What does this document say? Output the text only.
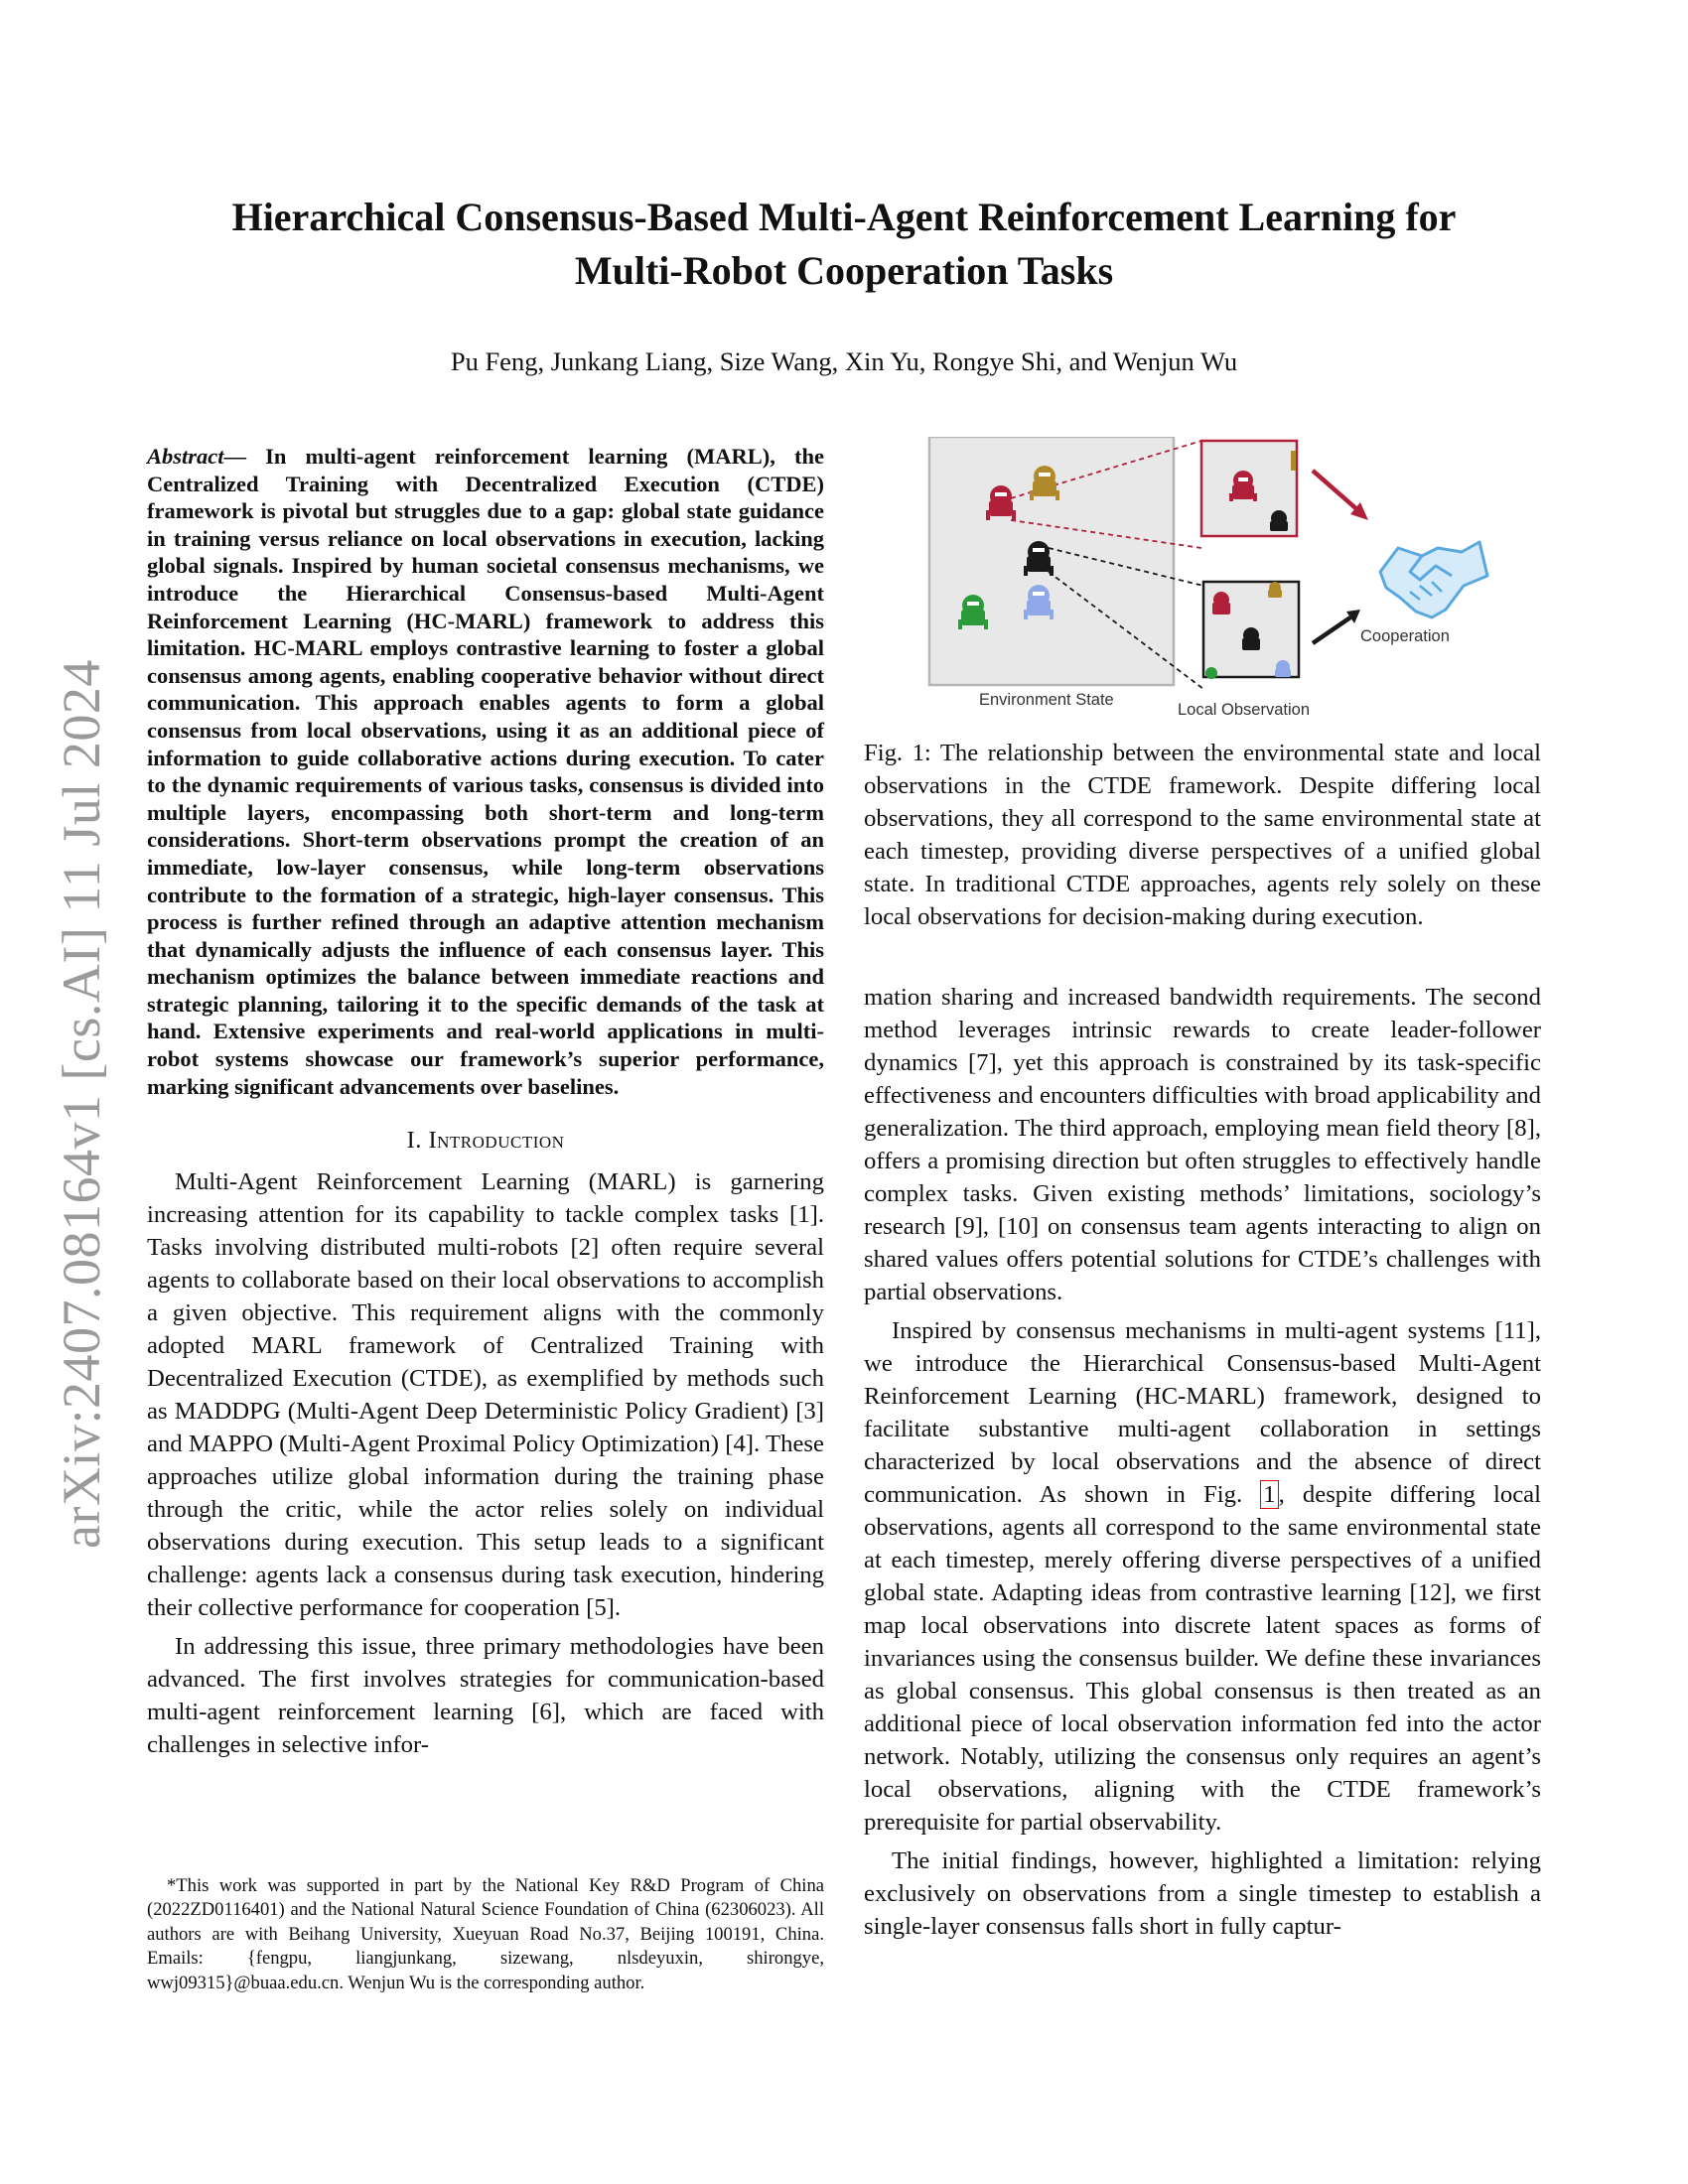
Hierarchical Consensus-Based Multi-Agent Reinforcement Learning for
Multi-Robot Cooperation Tasks
Pu Feng, Junkang Liang, Size Wang, Xin Yu, Rongye Shi, and Wenjun Wu
arXiv:2407.08164v1 [cs.AI] 11 Jul 2024

Abstract— In multi-agent reinforcement learning (MARL), the Centralized Training with Decentralized Execution (CTDE) framework is pivotal but struggles due to a gap: global state guidance in training versus reliance on local observations in execution, lacking global signals. Inspired by human societal consensus mechanisms, we introduce the Hierarchical Consensus-based Multi-Agent Reinforcement Learning (HC-MARL) framework to address this limitation. HC-MARL employs contrastive learning to foster a global consensus among agents, enabling cooperative behavior without direct communication. This approach enables agents to form a global consensus from local observations, using it as an additional piece of information to guide collaborative actions during execution. To cater to the dynamic requirements of various tasks, consensus is divided into multiple layers, encompassing both short-term and long-term considerations. Short-term observations prompt the creation of an immediate, low-layer consensus, while long-term observations contribute to the formation of a strategic, high-layer consensus. This process is further refined through an adaptive attention mechanism that dynamically adjusts the influence of each consensus layer. This mechanism optimizes the balance between immediate reactions and strategic planning, tailoring it to the specific demands of the task at hand. Extensive experiments and real-world applications in multi-robot systems showcase our framework’s superior performance, marking significant advancements over baselines.

I. Introduction

Multi-Agent Reinforcement Learning (MARL) is garnering increasing attention for its capability to tackle complex tasks [1]. Tasks involving distributed multi-robots [2] often require several agents to collaborate based on their local observations to accomplish a given objective. This requirement aligns with the commonly adopted MARL framework of Centralized Training with Decentralized Execution (CTDE), as exemplified by methods such as MADDPG (Multi-Agent Deep Deterministic Policy Gradient) [3] and MAPPO (Multi-Agent Proximal Policy Optimization) [4]. These approaches utilize global information during the training phase through the critic, while the actor relies solely on individual observations during execution. This setup leads to a significant challenge: agents lack a consensus during task execution, hindering their collective performance for cooperation [5].

In addressing this issue, three primary methodologies have been advanced. The first involves strategies for communication-based multi-agent reinforcement learning [6], which are faced with challenges in selective infor-

*This work was supported in part by the National Key R&D Program of China (2022ZD0116401) and the National Natural Science Foundation of China (62306023). All authors are with Beihang University, Xueyuan Road No.37, Beijing 100191, China. Emails: {fengpu, liangjunkang, sizewang, nlsdeyuxin, shirongye, wwj09315}@buaa.edu.cn. Wenjun Wu is the corresponding author.

Environment State
Local Observation
Cooperation

Fig. 1: The relationship between the environmental state and local observations in the CTDE framework. Despite differing local observations, they all correspond to the same environmental state at each timestep, providing diverse perspectives of a unified global state. In traditional CTDE approaches, agents rely solely on these local observations for decision-making during execution.

mation sharing and increased bandwidth requirements. The second method leverages intrinsic rewards to create leader-follower dynamics [7], yet this approach is constrained by its task-specific effectiveness and encounters difficulties with broad applicability and generalization. The third approach, employing mean field theory [8], offers a promising direction but often struggles to effectively handle complex tasks. Given existing methods’ limitations, sociology’s research [9], [10] on consensus team agents interacting to align on shared values offers potential solutions for CTDE’s challenges with partial observations.

Inspired by consensus mechanisms in multi-agent systems [11], we introduce the Hierarchical Consensus-based Multi-Agent Reinforcement Learning (HC-MARL) framework, designed to facilitate substantive multi-agent collaboration in settings characterized by local observations and the absence of direct communication. As shown in Fig. 1 , despite differing local observations, agents all correspond to the same environmental state at each timestep, merely offering diverse perspectives of a unified global state. Adapting ideas from contrastive learning [12], we first map local observations into discrete latent spaces as forms of invariances using the consensus builder. We define these invariances as global consensus. This global consensus is then treated as an additional piece of local observation information fed into the actor network. Notably, utilizing the consensus only requires an agent’s local observations, aligning with the CTDE framework’s prerequisite for partial observability.

The initial findings, however, highlighted a limitation: relying exclusively on observations from a single timestep to establish a single-layer consensus falls short in fully captur-
